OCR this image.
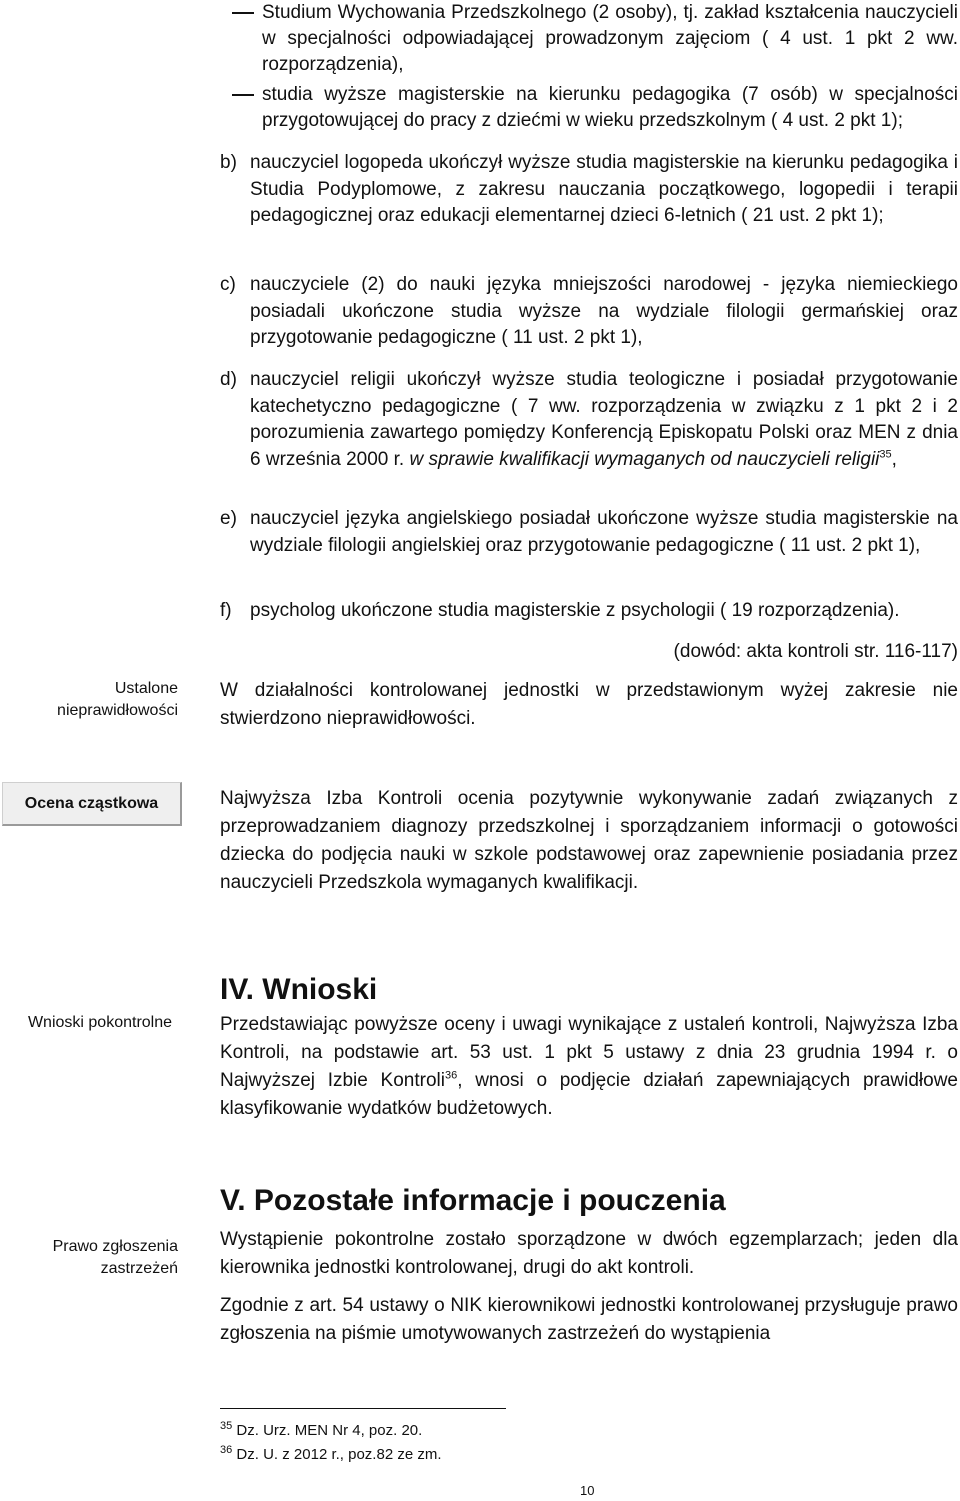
Studium Wychowania Przedszkolnego (2 osoby), tj. zakład kształcenia nauczycieli w specjalności odpowiadającej prowadzonym zajęciom ( 4 ust. 1 pkt 2 ww. rozporządzenia),
studia wyższe magisterskie na kierunku pedagogika (7 osób) w specjalności przygotowującej do pracy z dziećmi w wieku przedszkolnym ( 4 ust. 2 pkt 1);
b) nauczyciel logopeda ukończył wyższe studia magisterskie na kierunku pedagogika i Studia Podyplomowe, z zakresu nauczania początkowego, logopedii i terapii pedagogicznej oraz edukacji elementarnej dzieci 6-letnich ( 21 ust. 2 pkt 1);
c) nauczyciele (2) do nauki języka mniejszości narodowej - języka niemieckiego posiadali ukończone studia wyższe na wydziale filologii germańskiej oraz przygotowanie pedagogiczne ( 11 ust. 2 pkt 1),
d) nauczyciel religii ukończył wyższe studia teologiczne i posiadał przygotowanie katechetyczno pedagogiczne ( 7 ww. rozporządzenia w związku z 1 pkt 2 i 2 porozumienia zawartego pomiędzy Konferencją Episkopatu Polski oraz MEN z dnia 6 września 2000 r. w sprawie kwalifikacji wymaganych od nauczycieli religii$^{35}$,
e) nauczyciel języka angielskiego posiadał ukończone wyższe studia magisterskie na wydziale filologii angielskiej oraz przygotowanie pedagogiczne ( 11 ust. 2 pkt 1),
f) psycholog ukończone studia magisterskie z psychologii ( 19 rozporządzenia).
(dowód: akta kontroli str. 116-117)
Ustalone nieprawidłowości
W działalności kontrolowanej jednostki w przedstawionym wyżej zakresie nie stwierdzono nieprawidłowości.
Ocena cząstkowa	Najwyższa Izba Kontroli ocenia pozytywnie wykonywanie zadań związanych z przeprowadzaniem diagnozy przedszkolnej i sporządzaniem informacji o gotowości dziecka do podjęcia nauki w szkole podstawowej oraz zapewnienie posiadania przez nauczycieli Przedszkola wymaganych kwalifikacji.
Wnioski pokontrolne
IV. Wnioski
Przedstawiając powyższe oceny i uwagi wynikające z ustaleń kontroli, Najwyższa Izba Kontroli, na podstawie art. 53 ust. 1 pkt 5 ustawy z dnia 23 grudnia 1994 r. o Najwyższej Izbie Kontroli$^{36}$, wnosi o podjęcie działań zapewniających prawidłowe klasyfikowanie wydatków budżetowych.
Prawo zgłoszenia zastrzeżeń
V. Pozostałe informacje i pouczenia
Wystąpienie pokontrolne zostało sporządzone w dwóch egzemplarzach; jeden dla kierownika jednostki kontrolowanej, drugi do akt kontroli.
Zgodnie z art. 54 ustawy o NIK kierownikowi jednostki kontrolowanej przysługuje prawo zgłoszenia na piśmie umotywowanych zastrzeżeń do wystąpienia
$^{35}$ Dz. Urz. MEN Nr 4, poz. 20.
$^{36}$ Dz. U. z 2012 r., poz.82 ze zm.
10
